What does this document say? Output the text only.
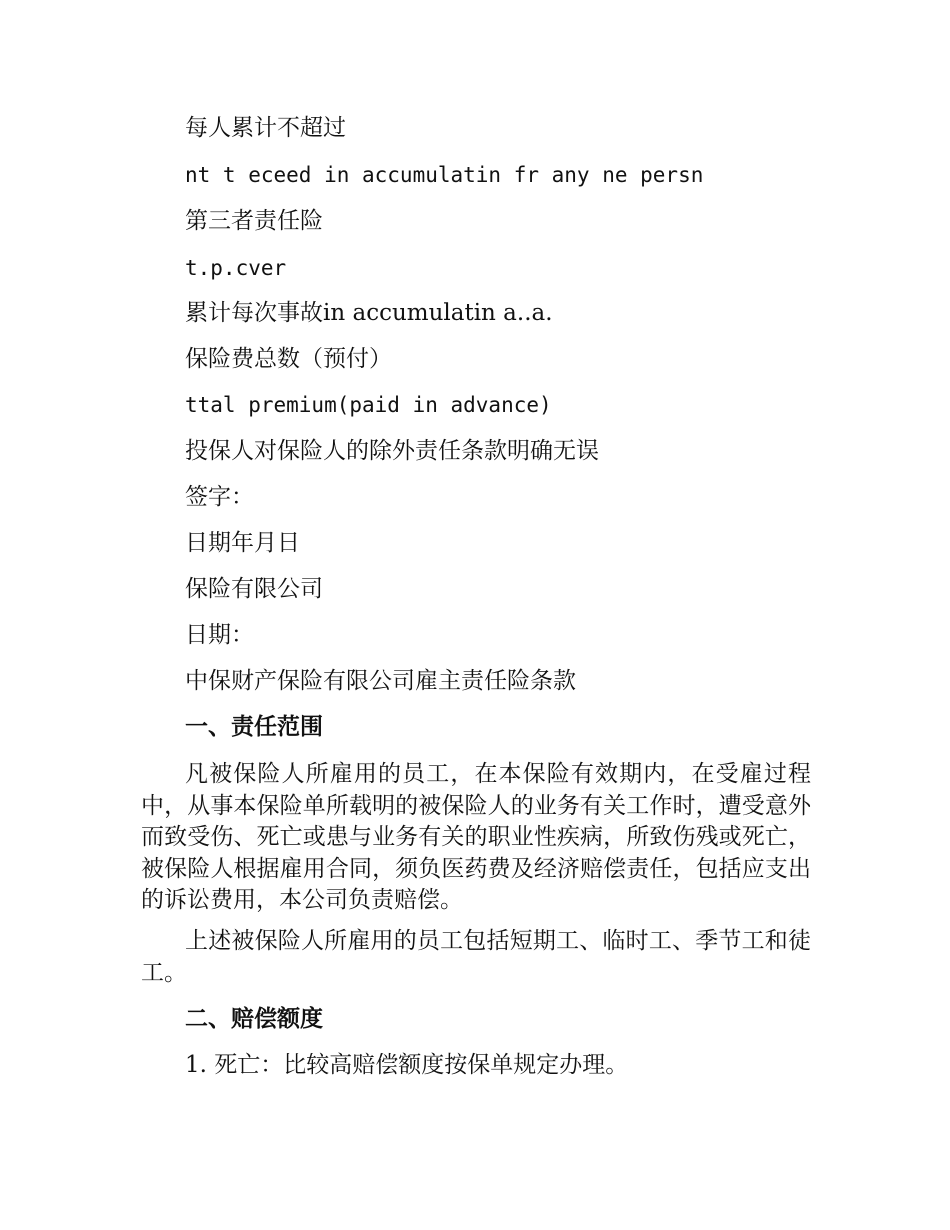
每人累计不超过
nt t eceed in accumulatin fr any ne persn
第三者责任险
t.p.cver
累计每次事故in accumulatin a..a.
保险费总数（预付）
ttal premium(paid in advance)
投保人对保险人的除外责任条款明确无误
签字：
日期年月日
保险有限公司
日期：
中保财产保险有限公司雇主责任险条款
一、责任范围
凡被保险人所雇用的员工，在本保险有效期内，在受雇过程中，从事本保险单所载明的被保险人的业务有关工作时，遭受意外而致受伤、死亡或患与业务有关的职业性疾病，所致伤残或死亡，被保险人根据雇用合同，须负医药费及经济赔偿责任，包括应支出的诉讼费用，本公司负责赔偿。
上述被保险人所雇用的员工包括短期工、临时工、季节工和徒工。
二、赔偿额度
1. 死亡：比较高赔偿额度按保单规定办理。
